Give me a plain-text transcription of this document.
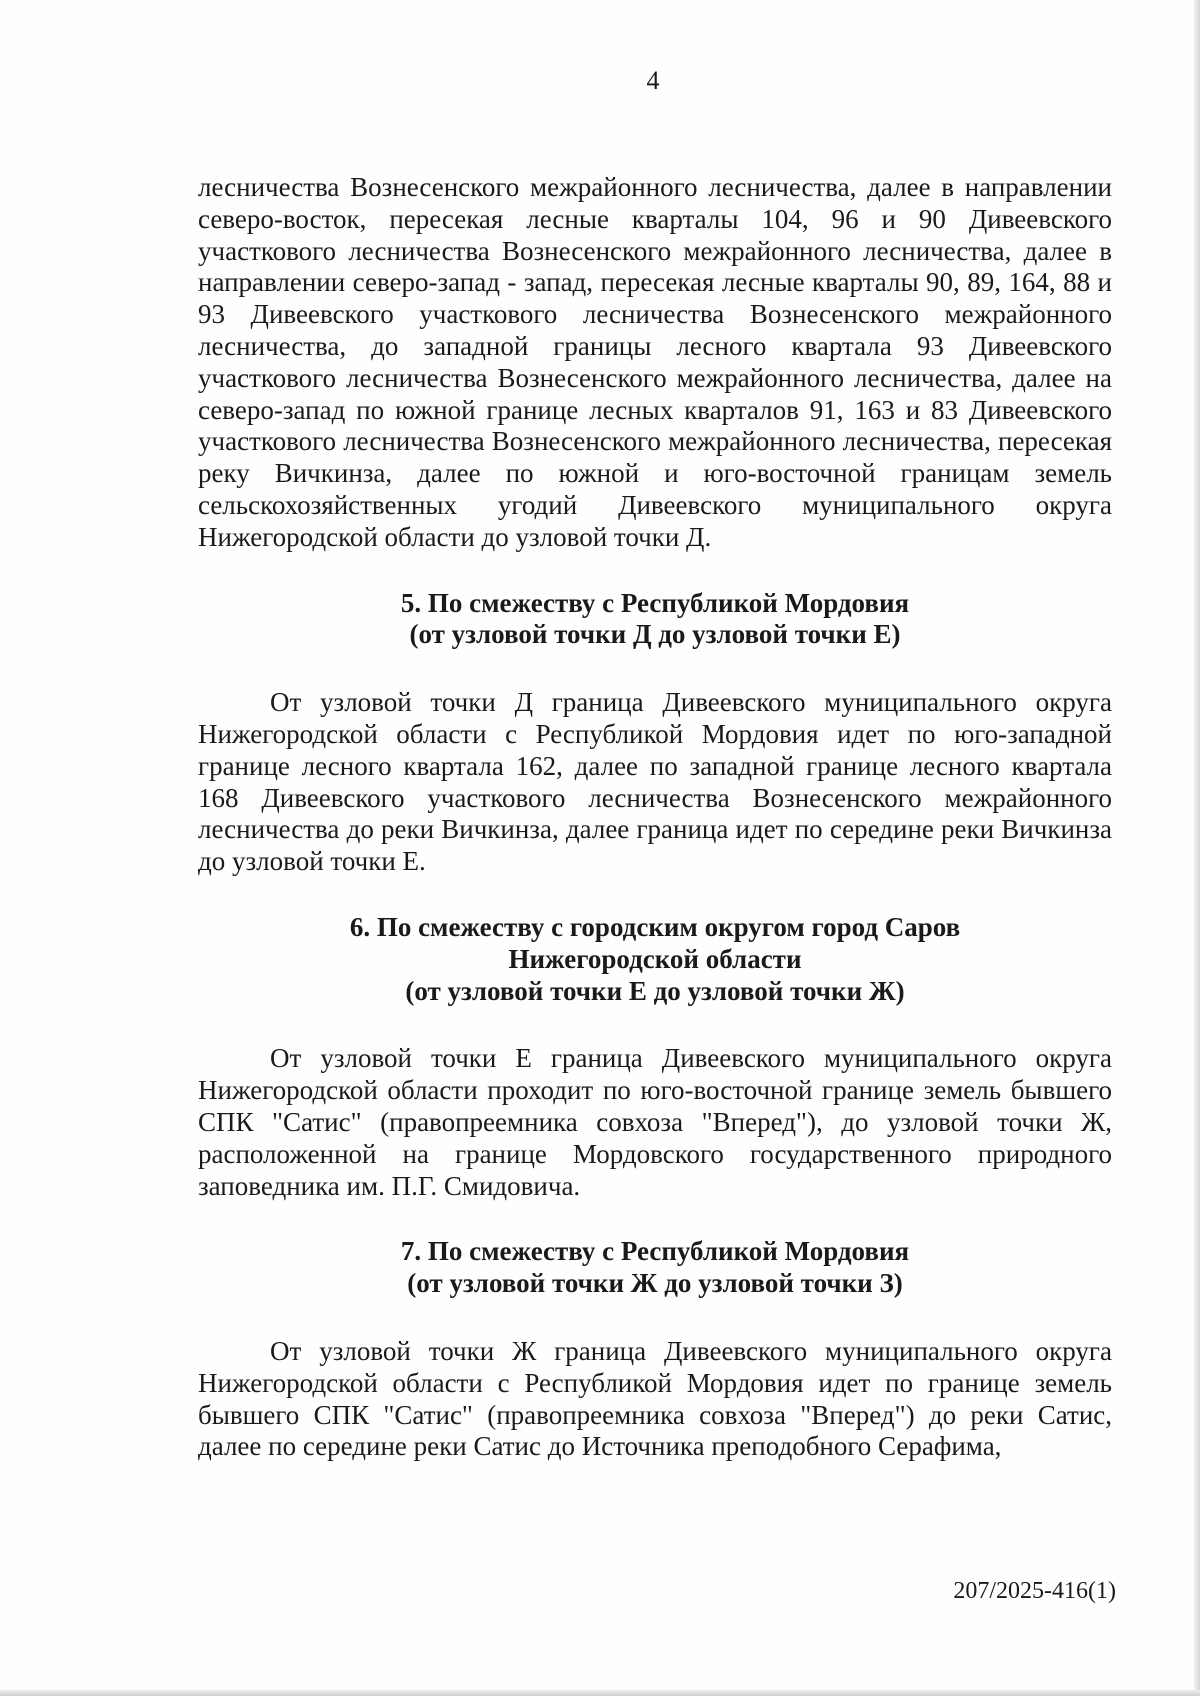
4

лесничества Вознесенского межрайонного лесничества, далее в направлении северо-восток, пересекая лесные кварталы 104, 96 и 90 Дивеевского участкового лесничества Вознесенского межрайонного лесничества, далее в направлении северо-запад - запад, пересекая лесные кварталы 90, 89, 164, 88 и 93 Дивеевского участкового лесничества Вознесенского межрайонного лесничества, до западной границы лесного квартала 93 Дивеевского участкового лесничества Вознесенского межрайонного лесничества, далее на северо-запад по южной границе лесных кварталов 91, 163 и 83 Дивеевского участкового лесничества Вознесенского межрайонного лесничества, пересекая реку Вичкинза, далее по южной и юго-восточной границам земель сельскохозяйственных угодий Дивеевского муниципального округа Нижегородской области до узловой точки Д.

5. По смежеству с Республикой Мордовия
(от узловой точки Д до узловой точки Е)

От узловой точки Д граница Дивеевского муниципального округа Нижегородской области с Республикой Мордовия идет по юго-западной границе лесного квартала 162, далее по западной границе лесного квартала 168 Дивеевского участкового лесничества Вознесенского межрайонного лесничества до реки Вичкинза, далее граница идет по середине реки Вичкинза до узловой точки Е.

6. По смежеству с городским округом город Саров
Нижегородской области
(от узловой точки Е до узловой точки Ж)

От узловой точки Е граница Дивеевского муниципального округа Нижегородской области проходит по юго-восточной границе земель бывшего СПК "Сатис" (правопреемника совхоза "Вперед"), до узловой точки Ж, расположенной на границе Мордовского государственного природного заповедника им. П.Г. Смидовича.

7. По смежеству с Республикой Мордовия
(от узловой точки Ж до узловой точки З)

От узловой точки Ж граница Дивеевского муниципального округа Нижегородской области с Республикой Мордовия идет по границе земель бывшего СПК "Сатис" (правопреемника совхоза "Вперед") до реки Сатис, далее по середине реки Сатис до Источника преподобного Серафима,

207/2025-416(1)
